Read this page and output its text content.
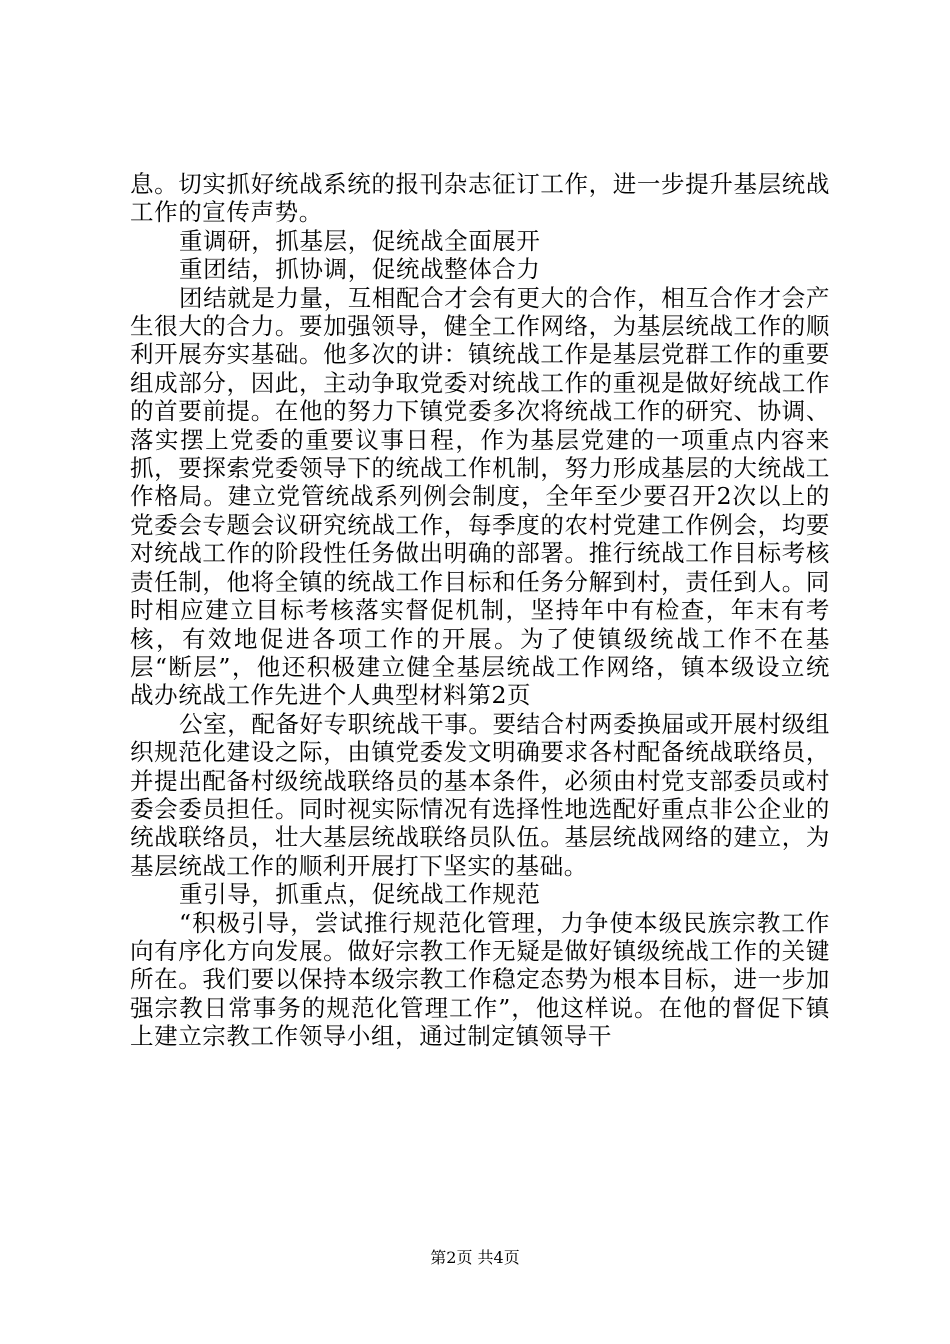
息。切实抓好统战系统的报刊杂志征订工作，进一步提升基层统战工作的宣传声势。

重调研，抓基层，促统战全面展开

重团结，抓协调，促统战整体合力

团结就是力量，互相配合才会有更大的合作，相互合作才会产生很大的合力。要加强领导，健全工作网络，为基层统战工作的顺利开展夯实基础。他多次的讲：镇统战工作是基层党群工作的重要组成部分，因此，主动争取党委对统战工作的重视是做好统战工作的首要前提。在他的努力下镇党委多次将统战工作的研究、协调、落实摆上党委的重要议事日程，作为基层党建的一项重点内容来抓，要探索党委领导下的统战工作机制，努力形成基层的大统战工作格局。建立党管统战系列例会制度，全年至少要召开2次以上的党委会专题会议研究统战工作，每季度的农村党建工作例会，均要对统战工作的阶段性任务做出明确的部署。推行统战工作目标考核责任制，他将全镇的统战工作目标和任务分解到村，责任到人。同时相应建立目标考核落实督促机制，坚持年中有检查，年末有考核，有效地促进各项工作的开展。为了使镇级统战工作不在基层“断层”，他还积极建立健全基层统战工作网络，镇本级设立统战办统战工作先进个人典型材料第2页

公室，配备好专职统战干事。要结合村两委换届或开展村级组织规范化建设之际，由镇党委发文明确要求各村配备统战联络员，并提出配备村级统战联络员的基本条件，必须由村党支部委员或村委会委员担任。同时视实际情况有选择性地选配好重点非公企业的统战联络员，壮大基层统战联络员队伍。基层统战网络的建立，为基层统战工作的顺利开展打下坚实的基础。

重引导，抓重点，促统战工作规范

“积极引导，尝试推行规范化管理，力争使本级民族宗教工作向有序化方向发展。做好宗教工作无疑是做好镇级统战工作的关键所在。我们要以保持本级宗教工作稳定态势为根本目标，进一步加强宗教日常事务的规范化管理工作”，他这样说。在他的督促下镇上建立宗教工作领导小组，通过制定镇领导干

第2页 共4页
